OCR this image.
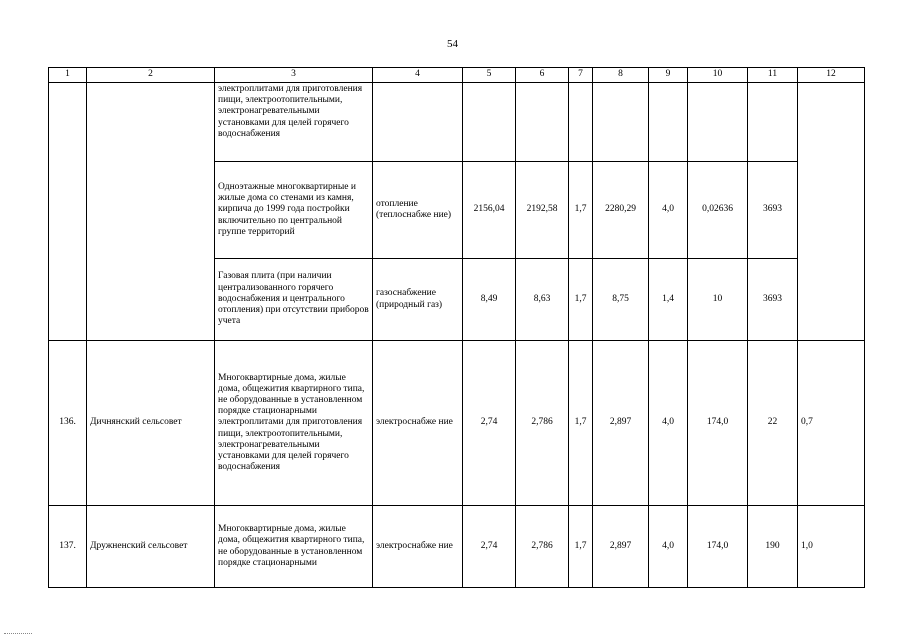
54
1	2	3	4	5	6	7	8	9	10	11	12
		электроплитами для приготовления пищи, электроотопительными, электронагревательными установками для целей горячего водоснабжения									
		Одноэтажные многоквартирные и жилые дома со стенами из камня, кирпича до 1999 года постройки включительно по центральной группе территорий	отопление (теплоснабже ние)	2156,04	2192,58	1,7	2280,29	4,0	0,02636	3693	
		Газовая плита (при наличии централизованного горячего водоснабжения и центрального отопления) при отсутствии приборов учета	газоснабжение (природный газ)	8,49	8,63	1,7	8,75	1,4	10	3693	
136.	Дичнянский сельсовет	Многоквартирные дома, жилые дома, общежития квартирного типа, не оборудованные в установленном порядке стационарными электроплитами для приготовления пищи, электроотопительными, электронагревательными установками для целей горячего водоснабжения	электроснабже ние	2,74	2,786	1,7	2,897	4,0	174,0	22	0,7
137.	Дружненский сельсовет	Многоквартирные дома, жилые дома, общежития квартирного типа, не оборудованные в установленном порядке стационарными	электроснабже ние	2,74	2,786	1,7	2,897	4,0	174,0	190	1,0
